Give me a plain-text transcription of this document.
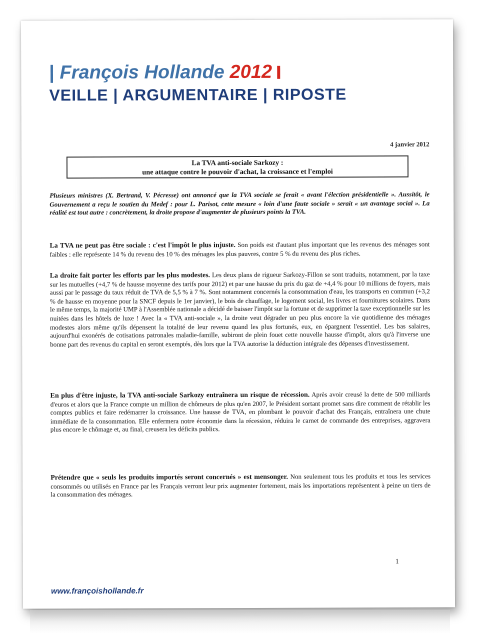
| François Hollande 2012
VEILLE | ARGUMENTAIRE | RIPOSTE
4 janvier 2012
La TVA anti-sociale Sarkozy :
une attaque contre le pouvoir d'achat, la croissance et l'emploi
Plusieurs ministres (X. Bertrand, V. Pécresse) ont annoncé que la TVA sociale se ferait « avant l'élection présidentielle ». Aussitôt, le Gouvernement a reçu le soutien du Medef : pour L. Parisot, cette mesure « loin d'une faute sociale » serait « un avantage social ». La réalité est tout autre : concrètement, la droite propose d'augmenter de plusieurs points la TVA.
La TVA ne peut pas être sociale : c'est l'impôt le plus injuste. Son poids est d'autant plus important que les revenus des ménages sont faibles : elle représente 14 % du revenu des 10 % des ménages les plus pauvres, contre 5 % du revenu des plus riches.
La droite fait porter les efforts par les plus modestes. Les deux plans de rigueur Sarkozy-Fillon se sont traduits, notamment, par la taxe sur les mutuelles (+4,7 % de hausse moyenne des tarifs pour 2012) et par une hausse du prix du gaz de +4,4 % pour 10 millions de foyers, mais aussi par le passage du taux réduit de TVA de 5,5 % à 7 %. Sont notamment concernés la consommation d'eau, les transports en commun (+3,2 % de hausse en moyenne pour la SNCF depuis le 1er janvier), le bois de chauffage, le logement social, les livres et fournitures scolaires. Dans le même temps, la majorité UMP à l'Assemblée nationale a décidé de baisser l'impôt sur la fortune et de supprimer la taxe exceptionnelle sur les nuitées dans les hôtels de luxe ! Avec la « TVA anti-sociale », la droite veut dégrader un peu plus encore la vie quotidienne des ménages modestes alors même qu'ils dépensent la totalité de leur revenu quand les plus fortunés, eux, en épargnent l'essentiel. Les bas salaires, aujourd'hui exonérés de cotisations patronales maladie-famille, subiront de plein fouet cette nouvelle hausse d'impôt, alors qu'à l'inverse une bonne part des revenus du capital en seront exemptés, dès lors que la TVA autorise la déduction intégrale des dépenses d'investissement.
En plus d'être injuste, la TVA anti-sociale Sarkozy entraînera un risque de récession. Après avoir creusé la dette de 500 milliards d'euros et alors que la France compte un million de chômeurs de plus qu'en 2007, le Président sortant promet sans dire comment de rétablir les comptes publics et faire redémarrer la croissance. Une hausse de TVA, en plombant le pouvoir d'achat des Français, entraînera une chute immédiate de la consommation. Elle enfermera notre économie dans la récession, réduira le carnet de commande des entreprises, aggravera plus encore le chômage et, au final, creusera les déficits publics.
Prétendre que « seuls les produits importés seront concernés » est mensonger. Non seulement tous les produits et tous les services consommés ou utilisés en France par les Français verront leur prix augmenter fortement, mais les importations représentent à peine un tiers de la consommation des ménages.
1
www.françoishollande.fr
